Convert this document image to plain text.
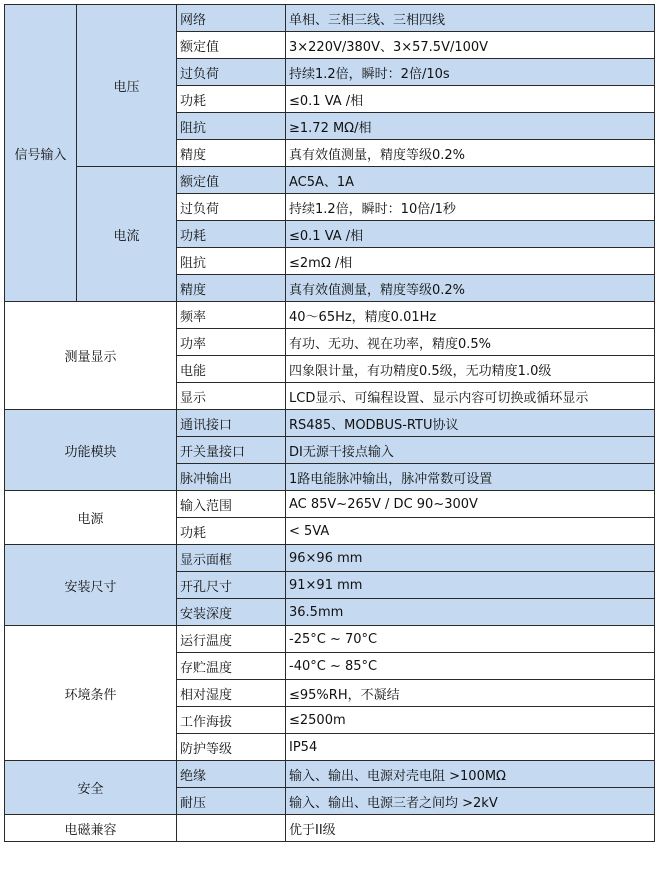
信号输入	电压	网络	单相、三相三线、三相四线
		额定值	3×220V/380V、3×57.5V/100V
		过负荷	持续1.2倍，瞬时：2倍/10s
		功耗	≤0.1 VA /相
		阻抗	≥1.72 MΩ/相
		精度	真有效值测量，精度等级0.2%
	电流	额定值	AC5A、1A
		过负荷	持续1.2倍，瞬时：10倍/1秒
		功耗	≤0.1 VA /相
		阻抗	≤2mΩ /相
		精度	真有效值测量，精度等级0.2%
测量显示		频率	40～65Hz，精度0.01Hz
		功率	有功、无功、视在功率，精度0.5%
		电能	四象限计量，有功精度0.5级，无功精度1.0级
		显示	LCD显示、可编程设置、显示内容可切换或循环显示
功能模块		通讯接口	RS485、MODBUS-RTU协议
		开关量接口	DI无源干接点输入
		脉冲输出	1路电能脉冲输出，脉冲常数可设置
电源		输入范围	AC 85V~265V / DC 90~300V
		功耗	< 5VA
安装尺寸		显示面框	96×96 mm
		开孔尺寸	91×91 mm
		安装深度	36.5mm
环境条件		运行温度	-25°C ~ 70°C
		存贮温度	-40°C ~ 85°C
		相对湿度	≤95%RH，不凝结
		工作海拔	≤2500m
		防护等级	IP54
安全		绝缘	输入、输出、电源对壳电阻 >100MΩ
		耐压	输入、输出、电源三者之间均 >2kV
电磁兼容			优于II级
